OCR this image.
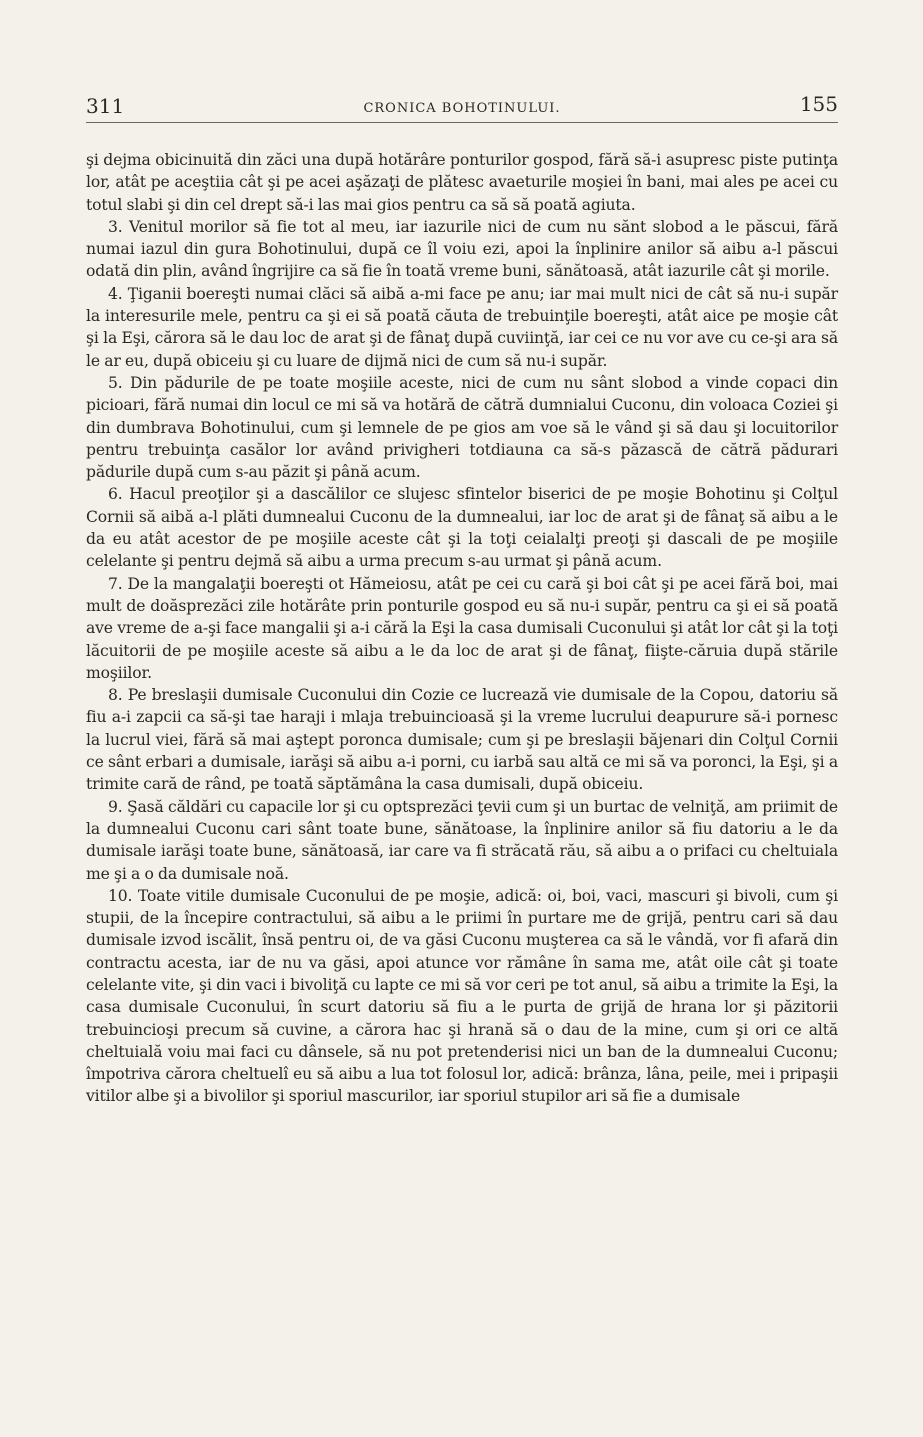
311	CRONICA BOHOTINULUI.	155

şi dejma obicinuită din zăci una după hotărâre ponturilor gospod, fără să-i asupresc piste putinţa lor, atât pe aceştiia cât şi pe acei aşăzaţi de plătesc avaeturile moşiei în bani, mai ales pe acei cu totul slabi şi din cel drept să-i las mai gios pentru ca să să poată agiuta.

3. Venitul morilor să fie tot al meu, iar iazurile nici de cum nu sănt slobod a le păscui, fără numai iazul din gura Bohotinului, după ce îl voiu ezi, apoi la înplinire anilor să aibu a-l păscui odată din plin, având îngrijire ca să fie în toată vreme buni, sănătoasă, atât iazurile cât şi morile.

4. Ţiganii boereşti numai clăci să aibă a-mi face pe anu; iar mai mult nici de cât să nu-i supăr la interesurile mele, pentru ca şi ei să poată căuta de trebuinţile boereşti, atât aice pe moşie cât şi la Eşi, cărora să le dau loc de arat şi de fânaţ după cuviinţă, iar cei ce nu vor ave cu ce-şi ara să le ar eu, după obiceiu şi cu luare de dijmă nici de cum să nu-i supăr.

5. Din pădurile de pe toate moşiile aceste, nici de cum nu sânt slobod a vinde copaci din picioari, fără numai din locul ce mi să va hotără de cătră dumnialui Cuconu, din voloaca Coziei şi din dumbrava Bohotinului, cum şi lemnele de pe gios am voe să le vând şi să dau şi locuitorilor pentru trebuinţa casălor lor având privigheri totdiauna ca să-s păzască de cătră pădurari pădurile după cum s-au păzit şi până acum.

6. Hacul preoţilor şi a dascălilor ce slujesc sfintelor biserici de pe moşie Bohotinu şi Colţul Cornii să aibă a-l plăti dumnealui Cuconu de la dumnealui, iar loc de arat şi de fânaţ să aibu a le da eu atât acestor de pe moşiile aceste cât şi la toţi ceialalţi preoţi şi dascali de pe moşiile celelante şi pentru dejmă să aibu a urma precum s-au urmat şi până acum.

7. De la mangalaţii boereşti ot Hămeiosu, atât pe cei cu cară şi boi cât şi pe acei fără boi, mai mult de doăsprezăci zile hotărâte prin ponturile gospod eu să nu-i supăr, pentru ca şi ei să poată ave vreme de a-şi face mangalii şi a-i cără la Eşi la casa dumisali Cuconului şi atât lor cât şi la toţi lăcuitorii de pe moşiile aceste să aibu a le da loc de arat şi de fânaţ, fiişte-căruia după stările moşiilor.

8. Pe breslaşii dumisale Cuconului din Cozie ce lucrează vie dumisale de la Copou, datoriu să fiu a-i zapcii ca să-şi tae haraji i mlaja trebuincioasă şi la vreme lucrului deapurure să-i pornesc la lucrul viei, fără să mai aştept poronca dumisale; cum şi pe breslaşii băjenari din Colţul Cornii ce sânt erbari a dumisale, iarăşi să aibu a-i porni, cu iarbă sau altă ce mi să va poronci, la Eşi, şi a trimite cară de rând, pe toată săptămâna la casa dumisali, după obiceiu.

9. Şasă căldări cu capacile lor şi cu optsprezăci ţevii cum şi un burtac de velniţă, am priimit de la dumnealui Cuconu cari sânt toate bune, sănătoase, la înplinire anilor să fiu datoriu a le da dumisale iarăşi toate bune, sănătoasă, iar care va fi străcată rău, să aibu a o prifaci cu cheltuiala me şi a o da dumisale noă.

10. Toate vitile dumisale Cuconului de pe moşie, adică: oi, boi, vaci, mascuri şi bivoli, cum şi stupii, de la începire contractului, să aibu a le priimi în purtare me de grijă, pentru cari să dau dumisale izvod iscălit, însă pentru oi, de va găsi Cuconu muşterea ca să le vândă, vor fi afară din contractu acesta, iar de nu va găsi, apoi atunce vor rămâne în sama me, atât oile cât şi toate celelante vite, şi din vaci i bivoliţă cu lapte ce mi să vor ceri pe tot anul, să aibu a trimite la Eşi, la casa dumisale Cuconului, în scurt datoriu să fiu a le purta de grijă de hrana lor şi păzitorii trebuincioşi precum să cuvine, a cărora hac şi hrană să o dau de la mine, cum şi ori ce altă cheltuială voiu mai faci cu dânsele, să nu pot pretenderisi nici un ban de la dumnealui Cuconu; împotriva cărora cheltuelî eu să aibu a lua tot folosul lor, adică: brânza, lâna, peile, mei i pripaşii vitilor albe şi a bivolilor şi sporiul mascurilor, iar sporiul stupilor ari să fie a dumisale
